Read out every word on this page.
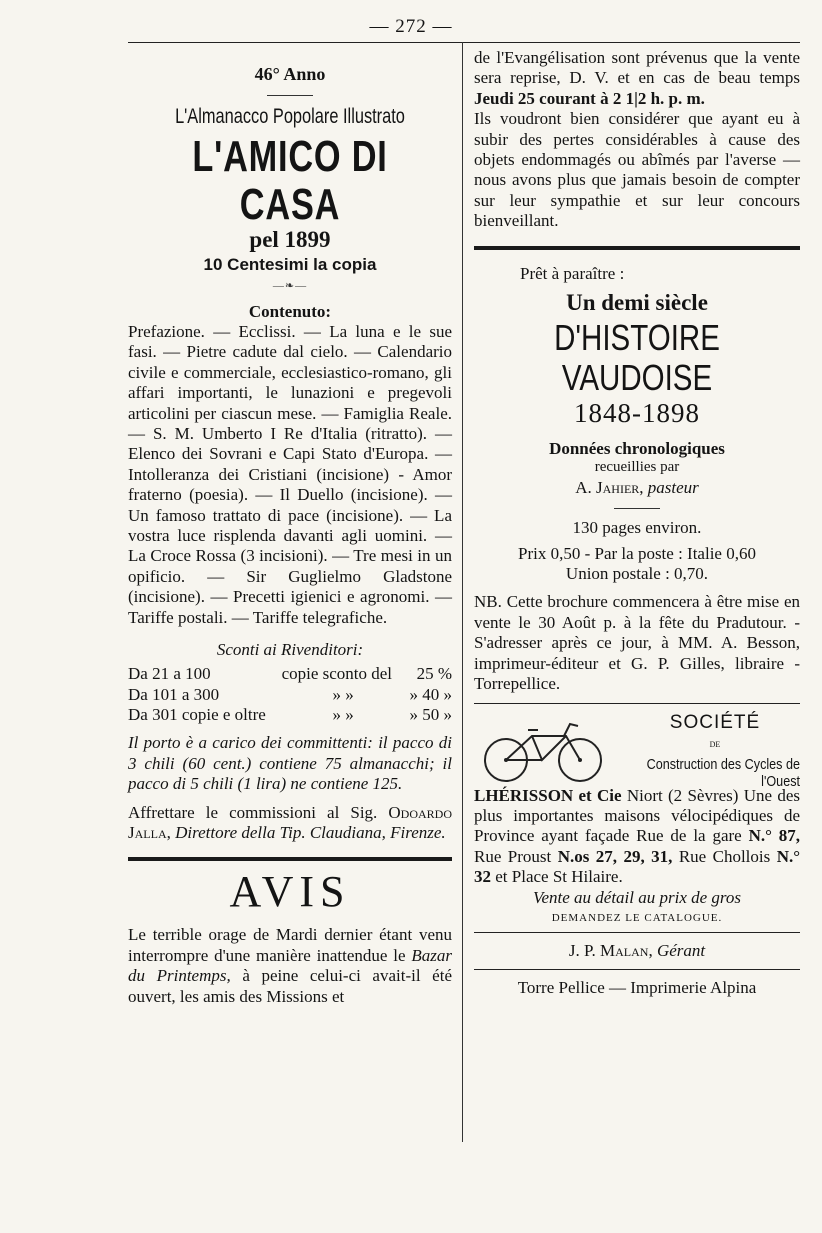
— 272 —

46° Anno

L'Almanacco Popolare Illustrato

L'AMICO DI CASA

pel 1899

10 Centesimi la copia

—❧—

Contenuto:

Prefazione. — Ecclissi. — La luna e le sue fasi. — Pietre cadute dal cielo. — Calendario civile e commerciale, ecclesiastico-romano, gli affari importanti, le lunazioni e pregevoli articolini per ciascun mese. — Famiglia Reale. — S. M. Umberto I Re d'Italia (ritratto). — Elenco dei Sovrani e Capi Stato d'Europa. — Intolleranza dei Cristiani (incisione) - Amor fraterno (poesia). — Il Duello (incisione). — Un famoso trattato di pace (incisione). — La vostra luce risplenda davanti agli uomini. — La Croce Rossa (3 incisioni). — Tre mesi in un opificio. — Sir Guglielmo Gladstone (incisione). — Precetti igienici e agronomi. — Tariffe postali. — Tariffe telegrafiche.

Sconti ai Rivenditori:

Da 21 a 100	copie sconto del	25 %
Da 101 a 300	» »	» 40 »
Da 301 copie e oltre	» »	» 50 »

Il porto è a carico dei committenti: il pacco di 3 chili (60 cent.) contiene 75 almanacchi; il pacco di 5 chili (1 lira) ne contiene 125.

Affrettare le commissioni al Sig. Odoardo Jalla, Direttore della Tip. Claudiana, Firenze.

AVIS

Le terrible orage de Mardi dernier étant venu interrompre d'une manière inattendue le Bazar du Printemps, à peine celui-ci avait-il été ouvert, les amis des Missions et

de l'Evangélisation sont prévenus que la vente sera reprise, D. V. et en cas de beau temps Jeudi 25 courant à 2 1|2 h. p. m.

Ils voudront bien considérer que ayant eu à subir des pertes considérables à cause des objets endommagés ou abîmés par l'averse — nous avons plus que jamais besoin de compter sur leur sympathie et sur leur concours bienveillant.

Prêt à paraître :

Un demi siècle

D'HISTOIRE VAUDOISE

1848-1898

Données chronologiques

recueillies par

A. Jahier, pasteur

130 pages environ.

Prix 0,50 - Par la poste : Italie 0,60

Union postale : 0,70.

NB. Cette brochure commencera à être mise en vente le 30 Août p. à la fête du Pradutour. - S'adresser après ce jour, à MM. A. Besson, imprimeur-éditeur et G. P. Gilles, libraire - Torrepellice.

SOCIÉTÉ
DE
Construction des Cycles de l'Ouest

LHÉRISSON et Cie Niort (2 Sèvres) Une des plus importantes maisons vélocipédiques de Province ayant façade Rue de la gare N.° 87, Rue Proust N.os 27, 29, 31, Rue Chollois N.° 32 et Place St Hilaire.

Vente au détail au prix de gros

DEMANDEZ LE CATALOGUE.

J. P. Malan, Gérant

Torre Pellice — Imprimerie Alpina
